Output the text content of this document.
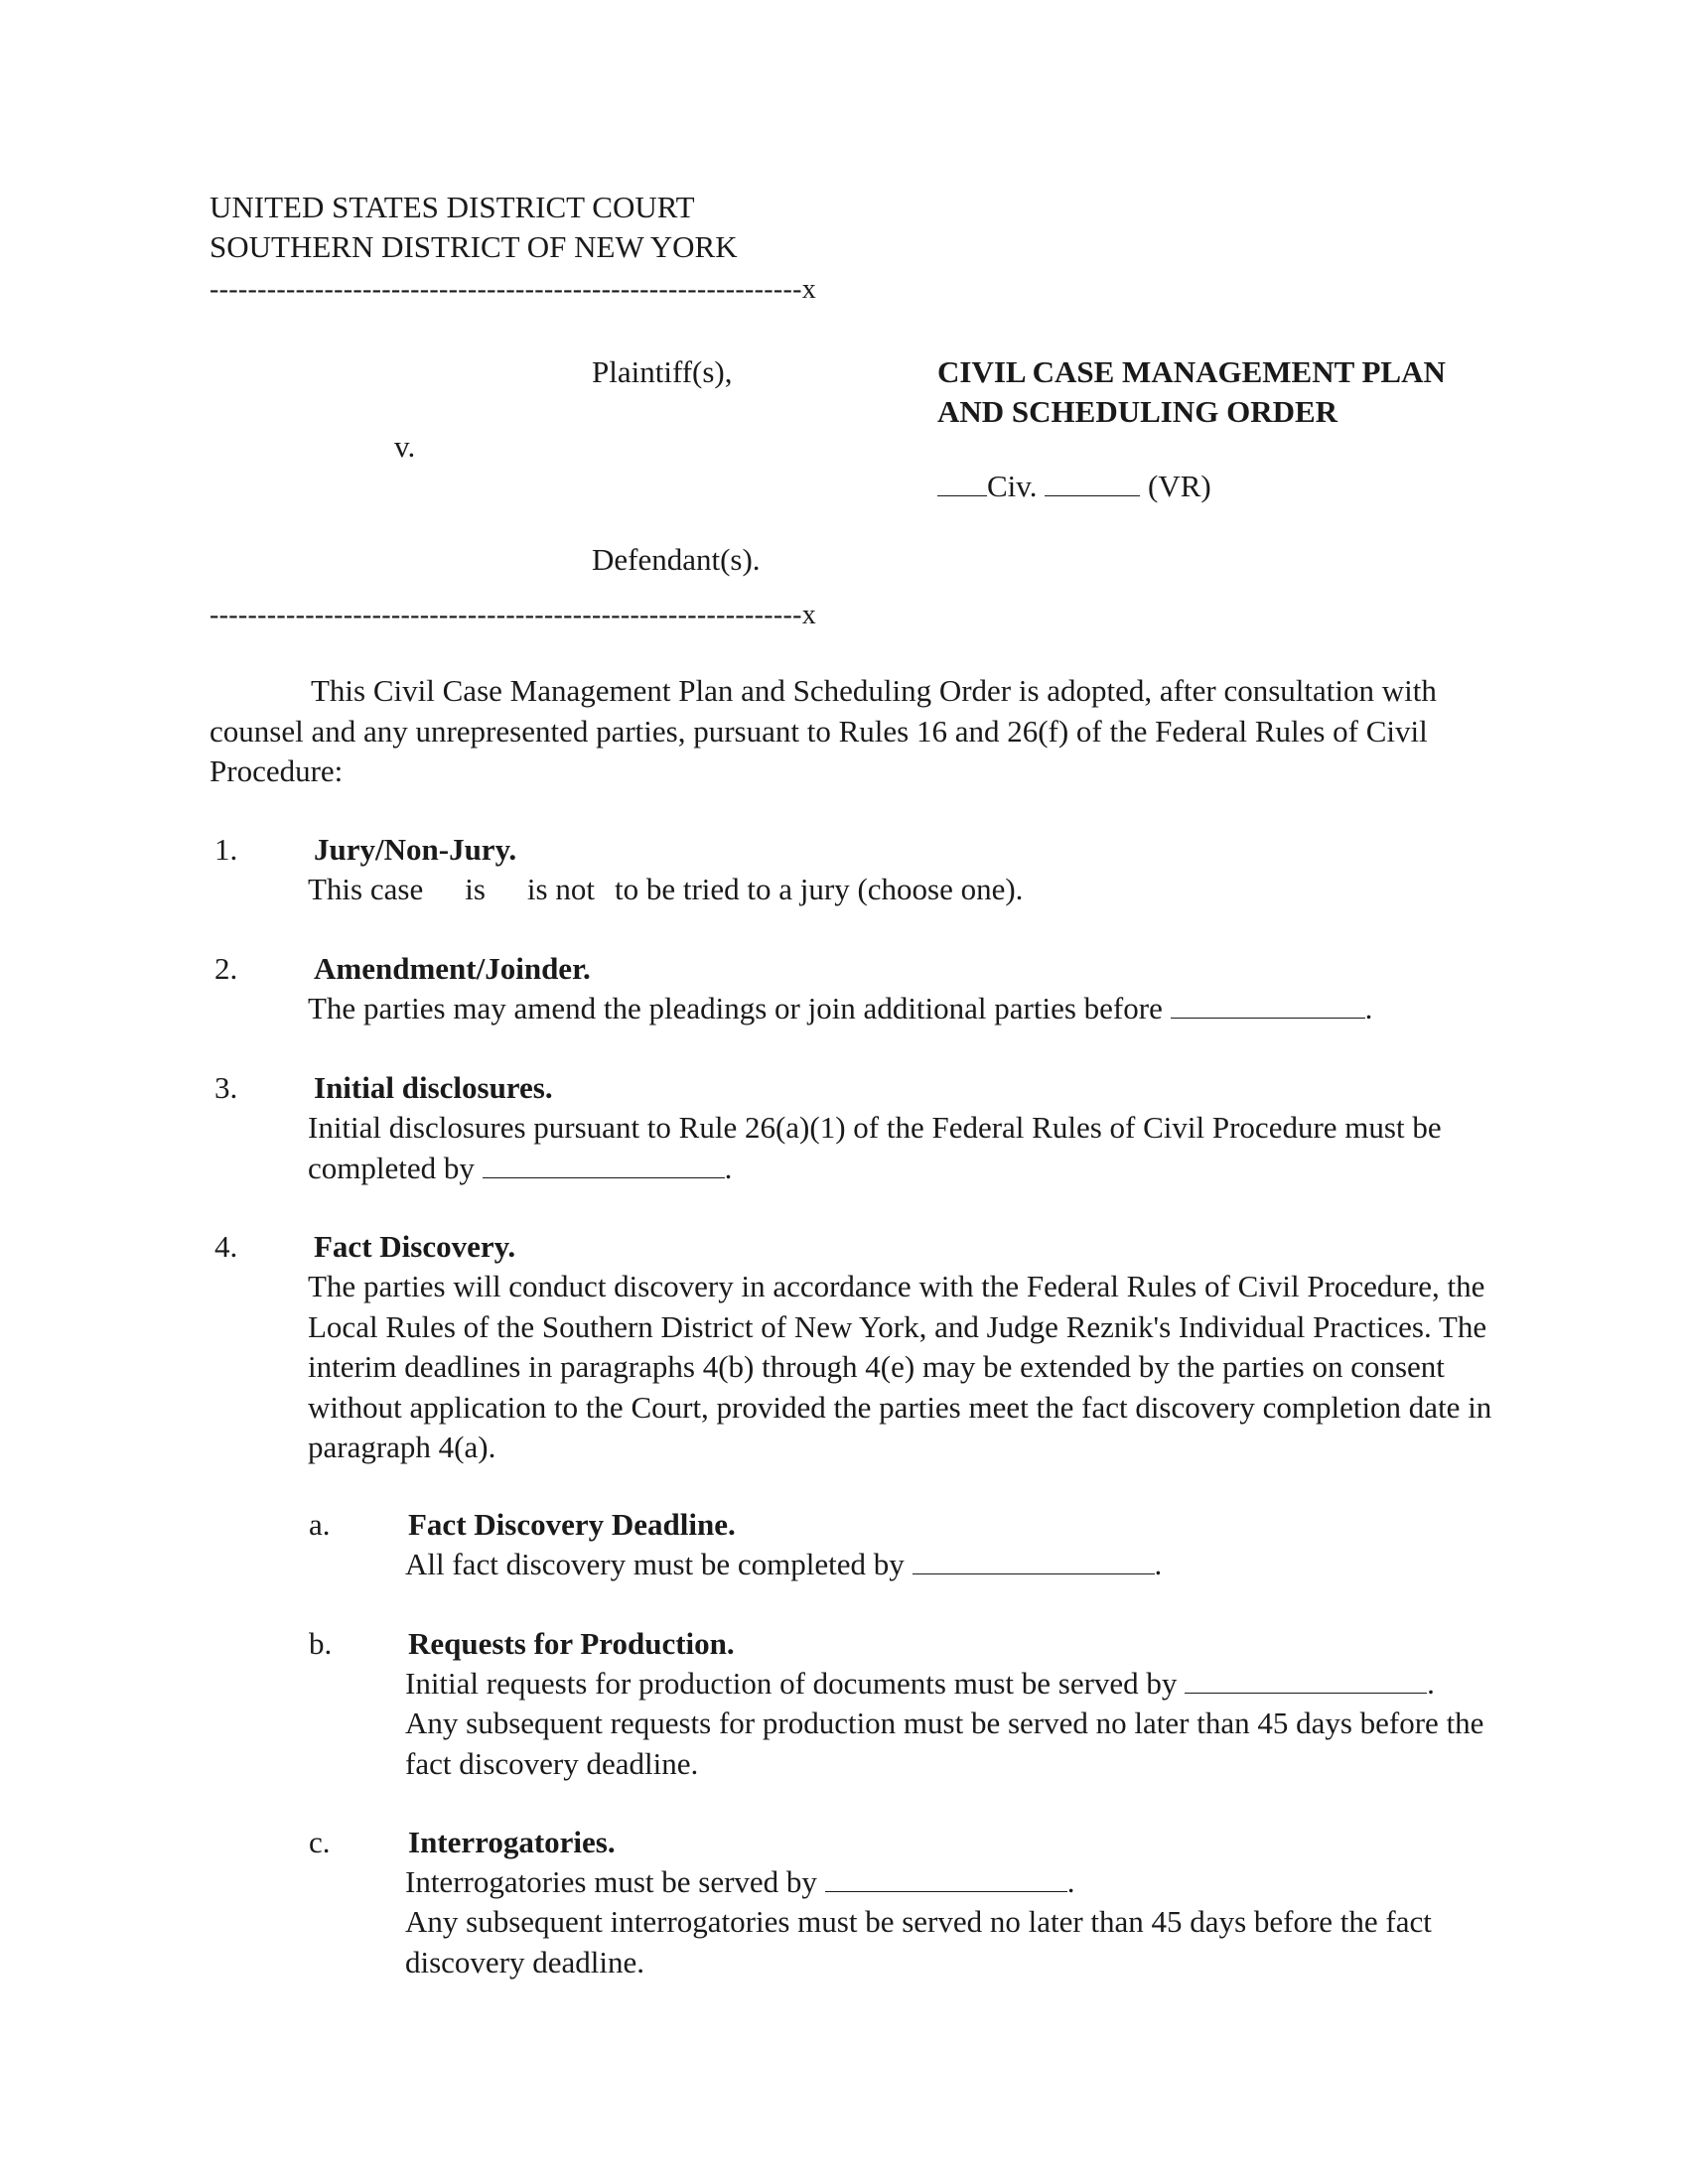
UNITED STATES DISTRICT COURT
SOUTHERN DISTRICT OF NEW YORK
--------------------------------------------------------------x
Plaintiff(s),
v.
Defendant(s).
--------------------------------------------------------------x
CIVIL CASE MANAGEMENT PLAN
AND SCHEDULING ORDER
Civ.	(VR)
This Civil Case Management Plan and Scheduling Order is adopted, after consultation with counsel and any unrepresented parties, pursuant to Rules 16 and 26(f) of the Federal Rules of Civil Procedure:
1. Jury/Non-Jury.
This case is is not to be tried to a jury (choose one).
2. Amendment/Joinder.
The parties may amend the pleadings or join additional parties before	.
3. Initial disclosures.
Initial disclosures pursuant to Rule 26(a)(1) of the Federal Rules of Civil Procedure must be completed by	.
4. Fact Discovery.
The parties will conduct discovery in accordance with the Federal Rules of Civil Procedure, the Local Rules of the Southern District of New York, and Judge Reznik's Individual Practices. The interim deadlines in paragraphs 4(b) through 4(e) may be extended by the parties on consent without application to the Court, provided the parties meet the fact discovery completion date in paragraph 4(a).
a.	Fact Discovery Deadline.
All fact discovery must be completed by	.
b. Requests for Production.
Initial requests for production of documents must be served by	.
Any subsequent requests for production must be served no later than 45 days before the fact discovery deadline.
c.	Interrogatories.
Interrogatories must be served by	.
Any subsequent interrogatories must be served no later than 45 days before the fact discovery deadline.
